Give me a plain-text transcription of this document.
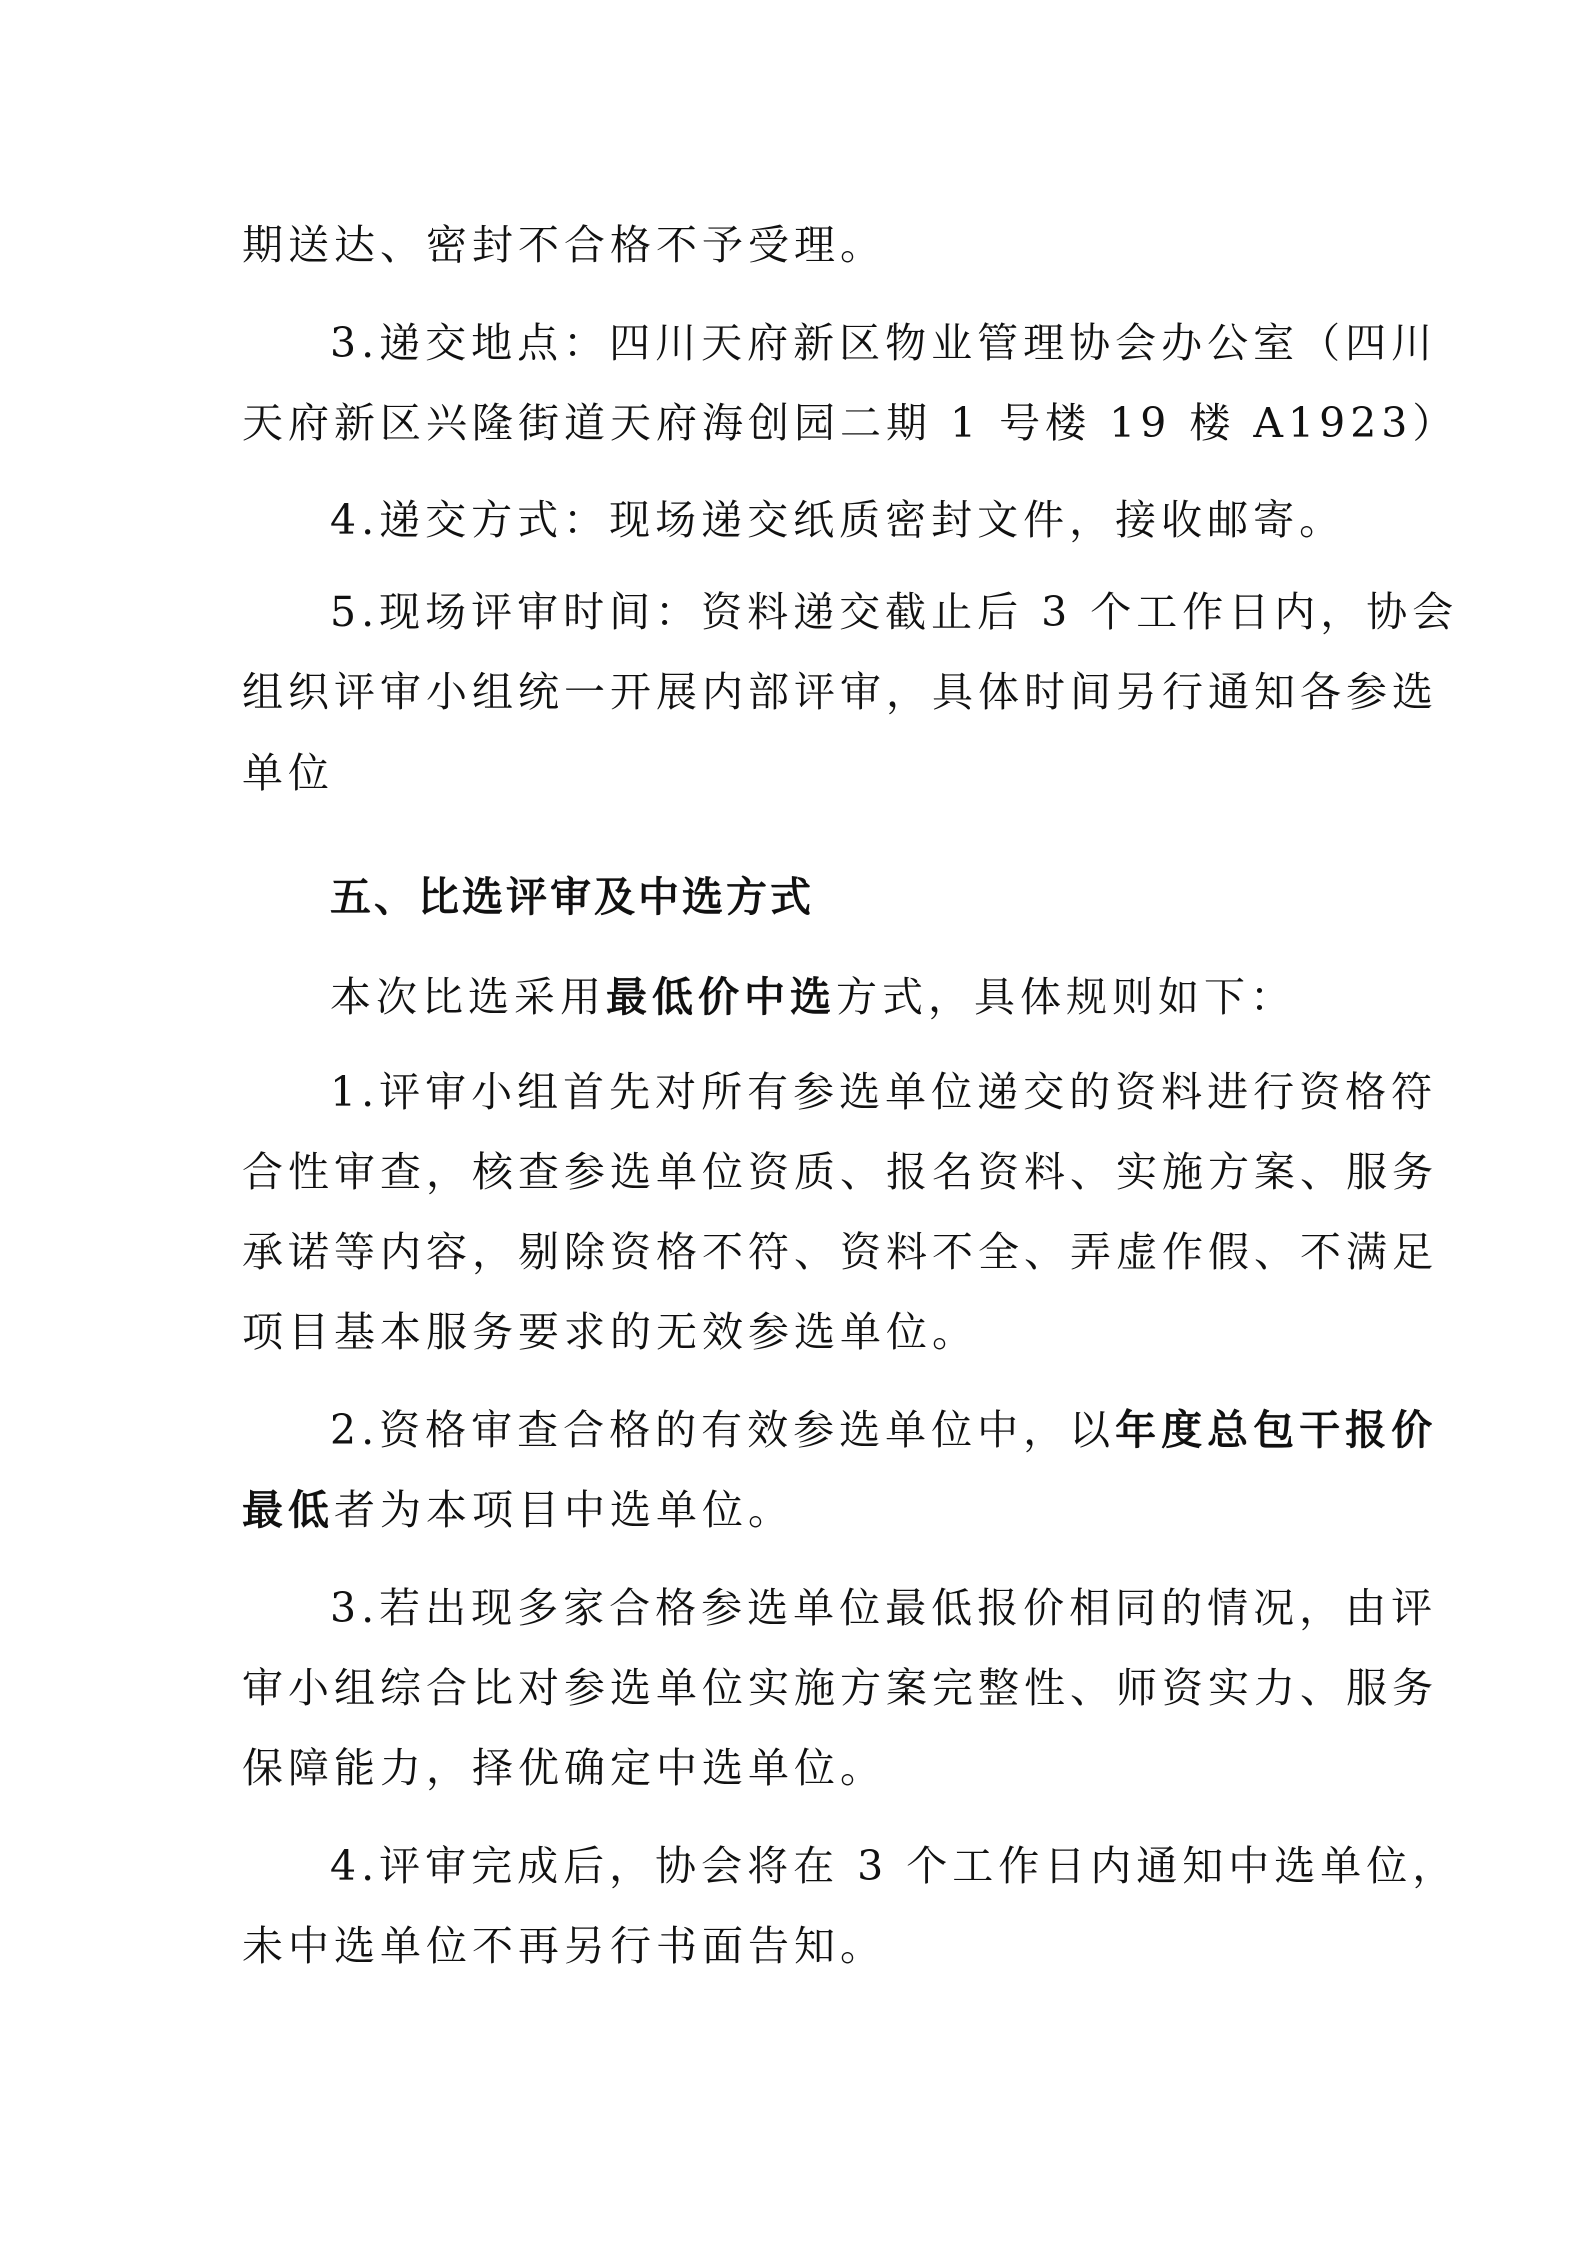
期送达、密封不合格不予受理。
3.递交地点：四川天府新区物业管理协会办公室（四川
天府新区兴隆街道天府海创园二期 1 号楼 19 楼 A1923）
4.递交方式：现场递交纸质密封文件，接收邮寄。
5.现场评审时间：资料递交截止后 3 个工作日内，协会
组织评审小组统一开展内部评审，具体时间另行通知各参选
单位
五、比选评审及中选方式
本次比选采用最低价中选方式，具体规则如下：
1.评审小组首先对所有参选单位递交的资料进行资格符
合性审查，核查参选单位资质、报名资料、实施方案、服务
承诺等内容，剔除资格不符、资料不全、弄虚作假、不满足
项目基本服务要求的无效参选单位。
2.资格审查合格的有效参选单位中，以年度总包干报价
最低者为本项目中选单位。
3.若出现多家合格参选单位最低报价相同的情况，由评
审小组综合比对参选单位实施方案完整性、师资实力、服务
保障能力，择优确定中选单位。
4.评审完成后，协会将在 3 个工作日内通知中选单位，
未中选单位不再另行书面告知。
